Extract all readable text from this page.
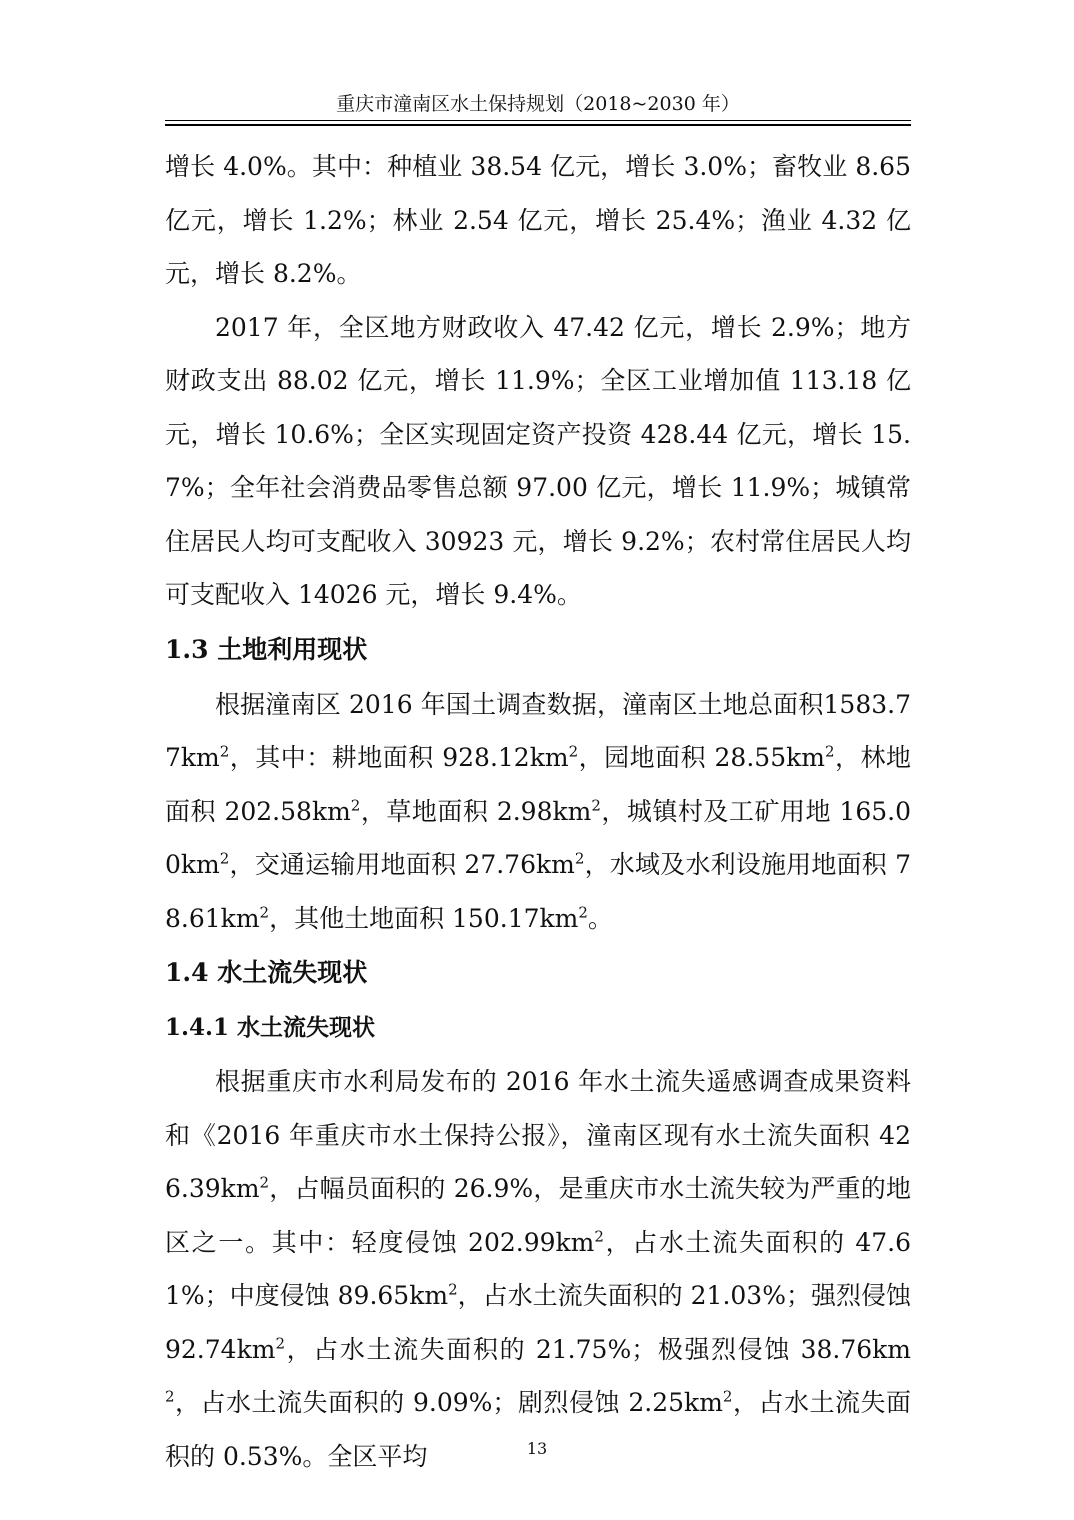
重庆市潼南区水土保持规划（2018~2030 年）

增长 4.0%。其中：种植业 38.54 亿元，增长 3.0%；畜牧业 8.65 亿元，增长 1.2%；林业 2.54 亿元，增长 25.4%；渔业 4.32 亿元，增长 8.2%。

2017 年，全区地方财政收入 47.42 亿元，增长 2.9%；地方财政支出 88.02 亿元，增长 11.9%；全区工业增加值 113.18 亿元，增长 10.6%；全区实现固定资产投资 428.44 亿元，增长 15.7%；全年社会消费品零售总额 97.00 亿元，增长 11.9%；城镇常住居民人均可支配收入 30923 元，增长 9.2%；农村常住居民人均可支配收入 14026 元，增长 9.4%。

1.3 土地利用现状

根据潼南区 2016 年国土调查数据，潼南区土地总面积$1583.77km^2$，其中：耕地面积 $928.12km^2$，园地面积 $28.55km^2$，林地面积 $202.58km^2$，草地面积 $2.98km^2$，城镇村及工矿用地 $165.00km^2$，交通运输用地面积 $27.76km^2$，水域及水利设施用地面积 $78.61km^2$，其他土地面积 $150.17km^2$。

1.4 水土流失现状
1.4.1 水土流失现状

根据重庆市水利局发布的 2016 年水土流失遥感调查成果资料和《2016 年重庆市水土保持公报》，潼南区现有水土流失面积 $426.39km^2$，占幅员面积的 26.9%，是重庆市水土流失较为严重的地区之一。其中：轻度侵蚀 $202.99km^2$，占水土流失面积的 47.61%；中度侵蚀 $89.65km^2$，占水土流失面积的 21.03%；强烈侵蚀 $92.74km^2$，占水土流失面积的 21.75%；极强烈侵蚀 $38.76km^2$，占水土流失面积的 9.09%；剧烈侵蚀 $2.25km^2$，占水土流失面积的 0.53%。全区平均	13
